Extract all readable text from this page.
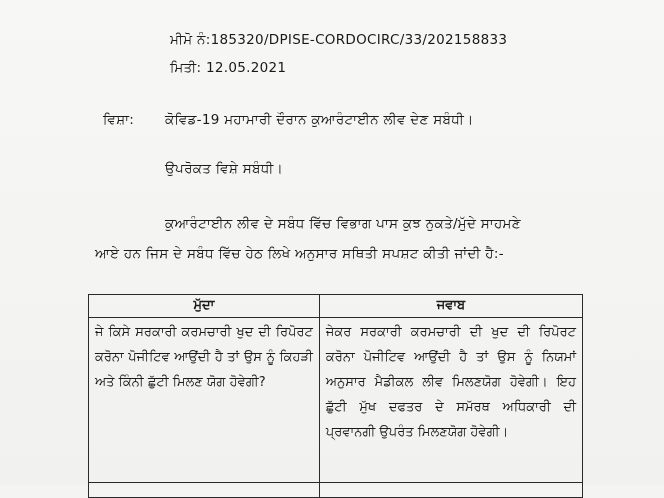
ਮੀਮੋ ਨੰ:185320/DPISE-CORDOCIRC/33/202158833
ਮਿਤੀ: 12.05.2021
ਵਿਸ਼ਾ: ਕੋਵਿਡ-19 ਮਹਾਮਾਰੀ ਦੌਰਾਨ ਕੁਆਰੰਟਾਈਨ ਲੀਵ ਦੇਣ ਸਬੰਧੀ।
ਉਪਰੋਕਤ ਵਿਸ਼ੇ ਸਬੰਧੀ।
ਕੁਆਰੰਟਾਈਨ ਲੀਵ ਦੇ ਸਬੰਧ ਵਿੱਚ ਵਿਭਾਗ ਪਾਸ ਕੁਝ ਨੁਕਤੇ/ਮੁੱਦੇ ਸਾਹਮਣੇ
ਆਏ ਹਨ ਜਿਸ ਦੇ ਸਬੰਧ ਵਿੱਚ ਹੇਠ ਲਿਖੇ ਅਨੁਸਾਰ ਸਥਿਤੀ ਸਪਸ਼ਟ ਕੀਤੀ ਜਾਂਦੀ ਹੈ:-
ਮੁੱਦਾ	ਜਵਾਬ

ਜੇ ਕਿਸੇ ਸਰਕਾਰੀ ਕਰਮਚਾਰੀ ਖੁਦ ਦੀ ਰਿਪੋਰਟ ਕਰੋਨਾ ਪੋਜੀਟਿਵ ਆਉਂਦੀ ਹੈ ਤਾਂ ਉਸ ਨੂੰ ਕਿਹੜੀ ਅਤੇ ਕਿੰਨੀ ਛੁੱਟੀ ਮਿਲਣ ਯੋਗ ਹੋਵੇਗੀ?	ਜੇਕਰ ਸਰਕਾਰੀ ਕਰਮਚਾਰੀ ਦੀ ਖੁਦ ਦੀ ਰਿਪੋਰਟ ਕਰੋਨਾ ਪੋਜੀਟਿਵ ਆਉਂਦੀ ਹੈ ਤਾਂ ਉਸ ਨੂੰ ਨਿਯਮਾਂ ਅਨੁਸਾਰ ਮੈਡੀਕਲ ਲੀਵ ਮਿਲਣਯੋਗ ਹੋਵੇਗੀ। ਇਹ ਛੁੱਟੀ ਮੁੱਖ ਦਫਤਰ ਦੇ ਸਮੱਰਥ ਅਧਿਕਾਰੀ ਦੀ ਪ੍ਰਵਾਨਗੀ ਉਪਰੰਤ ਮਿਲਣਯੋਗ ਹੋਵੇਗੀ।
